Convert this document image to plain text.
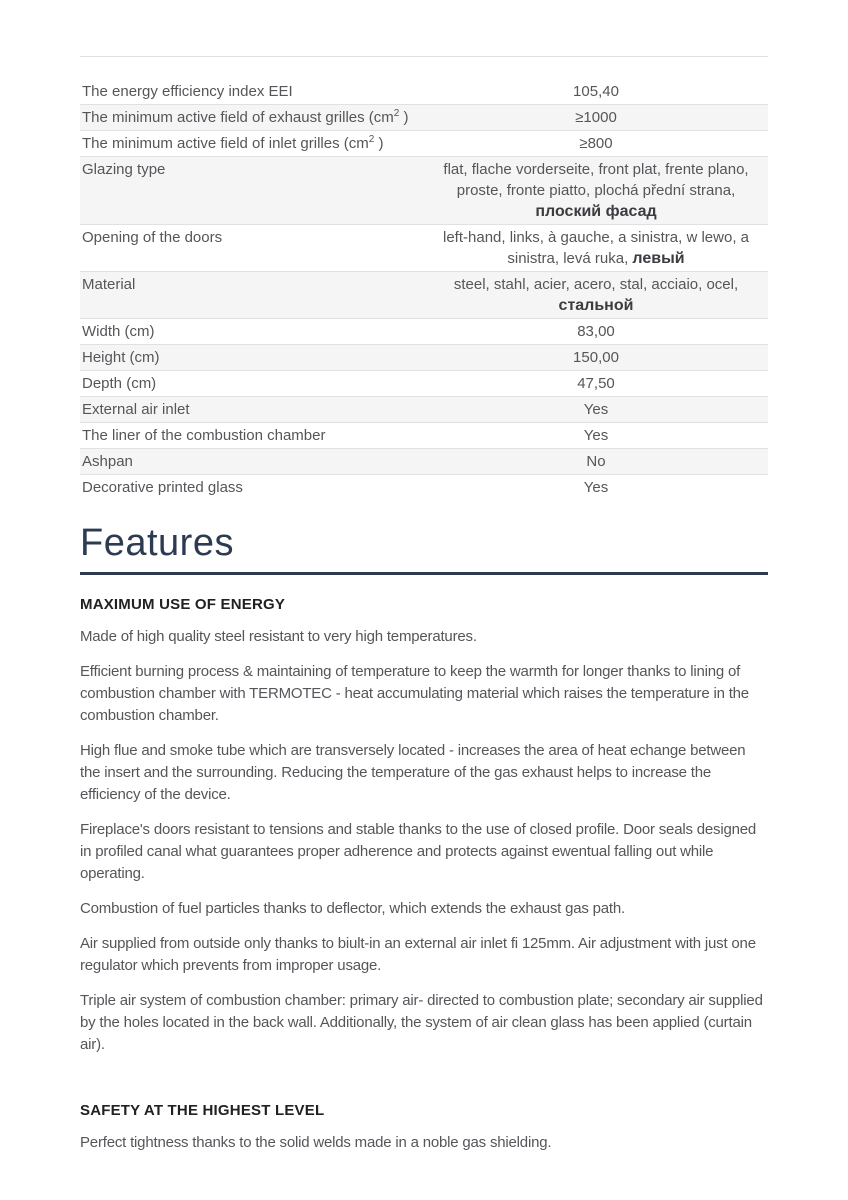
The energy efficiency index EEI	105,40
The minimum active field of exhaust grilles ($cm^2$ )	≥1000
The minimum active field of inlet grilles ($cm^2$ )	≥800
Glazing type	flat, flache vorderseite, front plat, frente plano, proste, fronte piatto, plochá přední strana, плоский фасад
Opening of the doors	left-hand, links, à gauche, a sinistra, w lewo, a sinistra, levá ruka, левый
Material	steel, stahl, acier, acero, stal, acciaio, ocel, стальной
Width (cm)	83,00
Height (cm)	150,00
Depth (cm)	47,50
External air inlet	Yes
The liner of the combustion chamber	Yes
Ashpan	No
Decorative printed glass	Yes
Features
MAXIMUM USE OF ENERGY

Made of high quality steel resistant to very high temperatures.

Efficient burning process & maintaining of temperature to keep the warmth for longer thanks to lining of combustion chamber with TERMOTEC - heat accumulating material which raises the temperature in the combustion chamber.

High flue and smoke tube which are transversely located - increases the area of heat echange between the insert and the surrounding. Reducing the temperature of the gas exhaust helps to increase the efficiency of the device.

Fireplace's doors resistant to tensions and stable thanks to the use of closed profile. Door seals designed in profiled canal what guarantees proper adherence and protects against ewentual falling out while operating.

Combustion of fuel particles thanks to deflector, which extends the exhaust gas path.

Air supplied from outside only thanks to biult-in an external air inlet fi 125mm. Air adjustment with just one regulator which prevents from improper usage.

Triple air system of combustion chamber: primary air- directed to combustion plate; secondary air supplied by the holes located in the back wall. Additionally, the system of air clean glass has been applied (curtain air).

SAFETY AT THE HIGHEST LEVEL

Perfect tightness thanks to the solid welds made in a noble gas shielding.
